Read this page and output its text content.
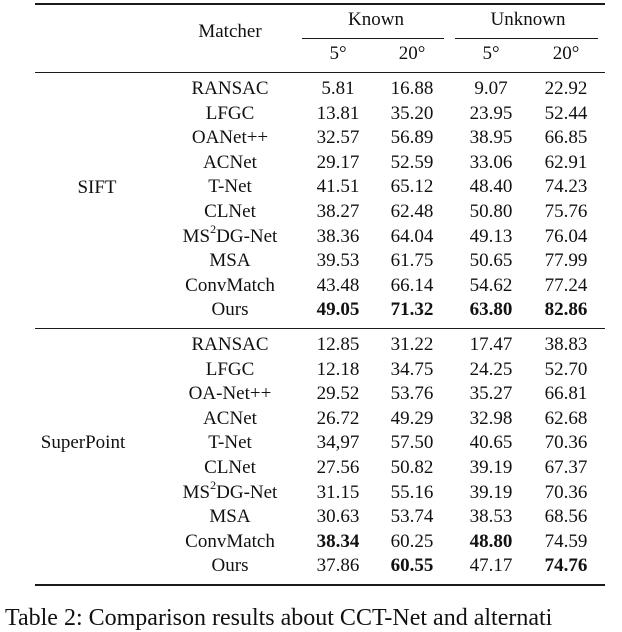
Matcher
Known	Unknown
5°	20°	5°	20°
SIFT
RANSAC	5.81 16.88 9.07 22.92
LFGC	13.81 35.20 23.95 52.44
OANet++	32.57 56.89 38.95 66.85
ACNet	29.17 52.59 33.06 62.91
T-Net	41.51 65.12 48.40 74.23
CLNet	38.27 62.48 50.80 75.76
$MS^2DG$-Net 38.36 64.04 49.13 76.04
MSA	39.53 61.75 50.65 77.99
ConvMatch 43.48 66.14 54.62 77.24
Ours	49.05 71.32 63.80 82.86
SuperPoint
RANSAC	12.85 31.22 17.47 38.83
LFGC	12.18 34.75 24.25 52.70
OA-Net++ 29.52 53.76 35.27 66.81
ACNet	26.72 49.29 32.98 62.68
T-Net	34,97 57.50 40.65 70.36
CLNet	27.56 50.82 39.19 67.37
$MS^2DG$-Net 31.15 55.16 39.19 70.36
MSA	30.63 53.74 38.53 68.56
ConvMatch 38.34 60.25 48.80 74.59
Ours	37.86 60.55 47.17 74.76
Table 2: Comparison results about CCT-Net and alternati
